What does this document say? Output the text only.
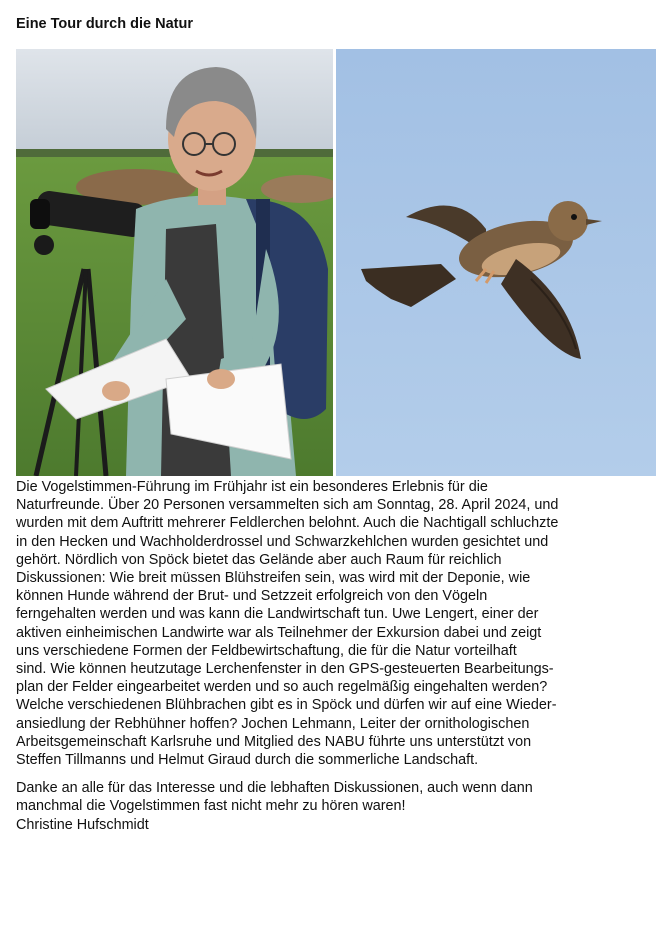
Eine Tour durch die Natur

Die Vogelstimmen-Führung im Frühjahr ist ein besonderes Erlebnis für die

Naturfreunde. Über 20 Personen versammelten sich am Sonntag, 28. April 2024, und

wurden mit dem Auftritt mehrerer Feldlerchen belohnt. Auch die Nachtigall schluchzte

in den Hecken und Wachholderdrossel und Schwarzkehlchen wurden gesichtet und

gehört. Nördlich von Spöck bietet das Gelände aber auch Raum für reichlich

Diskussionen: Wie breit müssen Blühstreifen sein, was wird mit der Deponie, wie

können Hunde während der Brut- und Setzzeit erfolgreich von den Vögeln

ferngehalten werden und was kann die Landwirtschaft tun. Uwe Lengert, einer der

aktiven einheimischen Landwirte war als Teilnehmer der Exkursion dabei und zeigt

uns verschiedene Formen der Feldbewirtschaftung, die für die Natur vorteilhaft

sind. Wie können heutzutage Lerchenfenster in den GPS-gesteuerten Bearbeitungs-

plan der Felder eingearbeitet werden und so auch regelmäßig eingehalten werden?

Welche verschiedenen Blühbrachen gibt es in Spöck und dürfen wir auf eine Wieder-

ansiedlung der Rebhühner hoffen? Jochen Lehmann, Leiter der ornithologischen

Arbeitsgemeinschaft Karlsruhe und Mitglied des NABU führte uns unterstützt von

Steffen Tillmanns und Helmut Giraud durch die sommerliche Landschaft.

Danke an alle für das Interesse und die lebhaften Diskussionen, auch wenn dann

manchmal die Vogelstimmen fast nicht mehr zu hören waren!

Christine Hufschmidt
